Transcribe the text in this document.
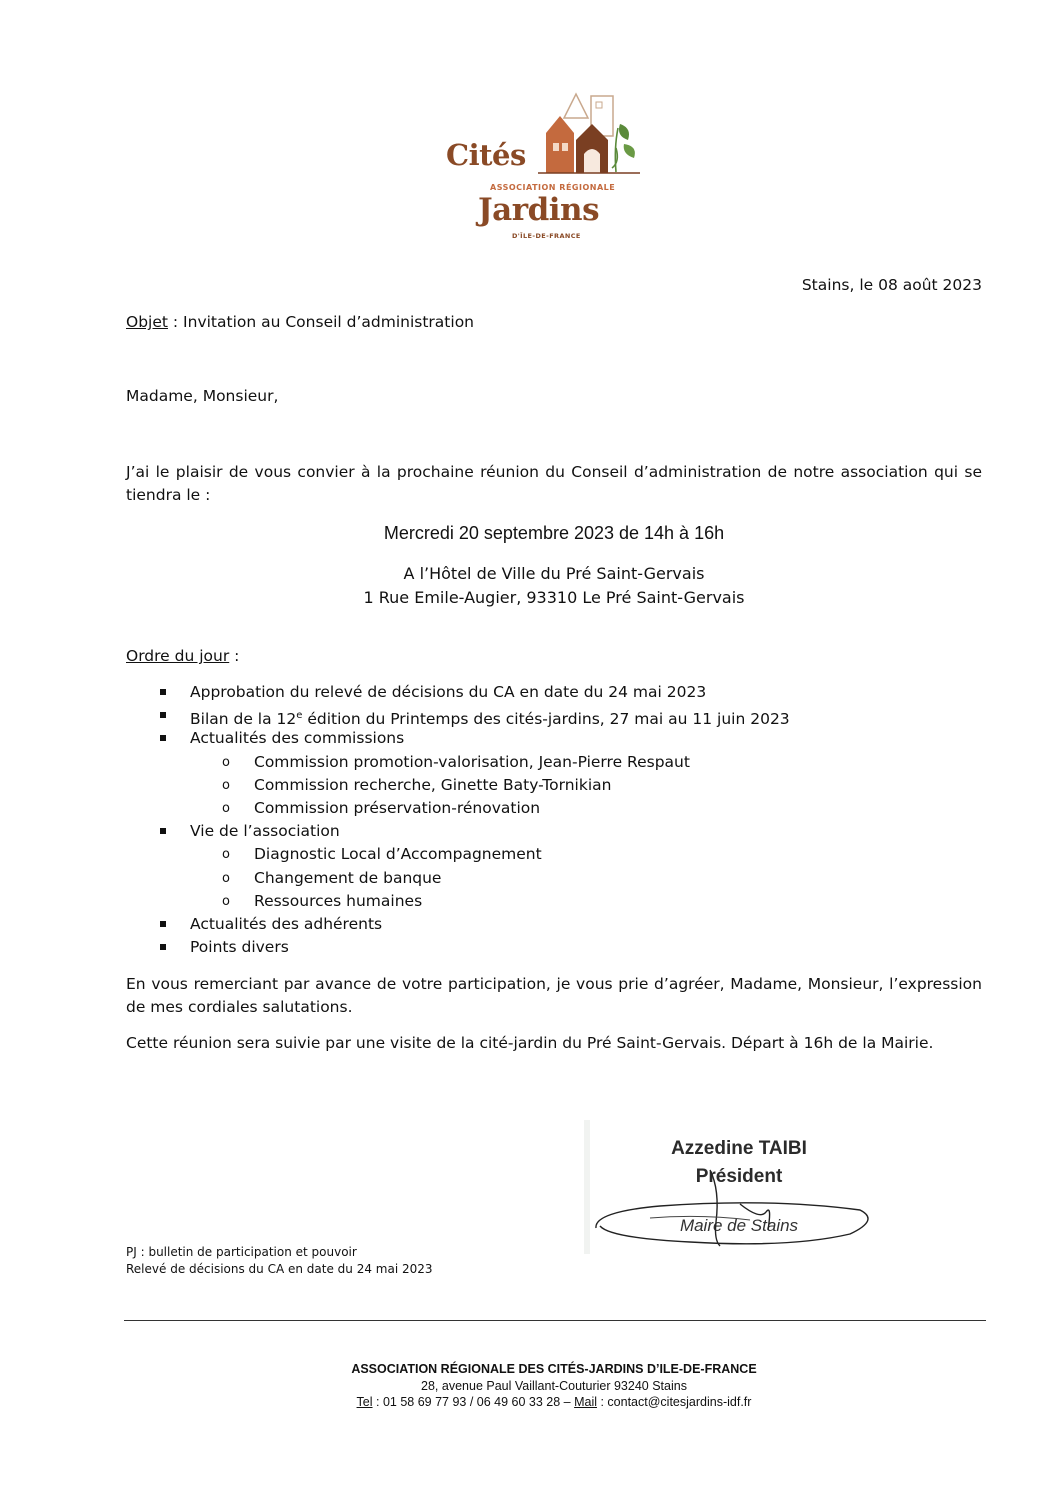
Cités
ASSOCIATION RÉGIONALE
Jardins
D'ÎLE-DE-FRANCE
Stains, le 08 août 2023
Objet : Invitation au Conseil d’administration
Madame, Monsieur,
J’ai le plaisir de vous convier à la prochaine réunion du Conseil d’administration de notre association qui se tiendra le :
Mercredi 20 septembre 2023 de 14h à 16h
A l’Hôtel de Ville du Pré Saint-Gervais
1 Rue Emile-Augier, 93310 Le Pré Saint-Gervais
Ordre du jour :
Approbation du relevé de décisions du CA en date du 24 mai 2023
Bilan de la 12e édition du Printemps des cités-jardins, 27 mai au 11 juin 2023
Actualités des commissions
o Commission promotion-valorisation, Jean-Pierre Respaut
o Commission recherche, Ginette Baty-Tornikian
o Commission préservation-rénovation
Vie de l’association
o Diagnostic Local d’Accompagnement
o Changement de banque
o Ressources humaines
Actualités des adhérents
Points divers
En vous remerciant par avance de votre participation, je vous prie d’agréer, Madame, Monsieur, l’expression de mes cordiales salutations.
Cette réunion sera suivie par une visite de la cité-jardin du Pré Saint-Gervais. Départ à 16h de la Mairie.
Azzedine TAIBI
Président
Maire de Stains
PJ : bulletin de participation et pouvoir
Relevé de décisions du CA en date du 24 mai 2023
ASSOCIATION RÉGIONALE DES CITÉS-JARDINS D’ILE-DE-FRANCE
28, avenue Paul Vaillant-Couturier 93240 Stains
Tel : 01 58 69 77 93 / 06 49 60 33 28 – Mail : contact@citesjardins-idf.fr
